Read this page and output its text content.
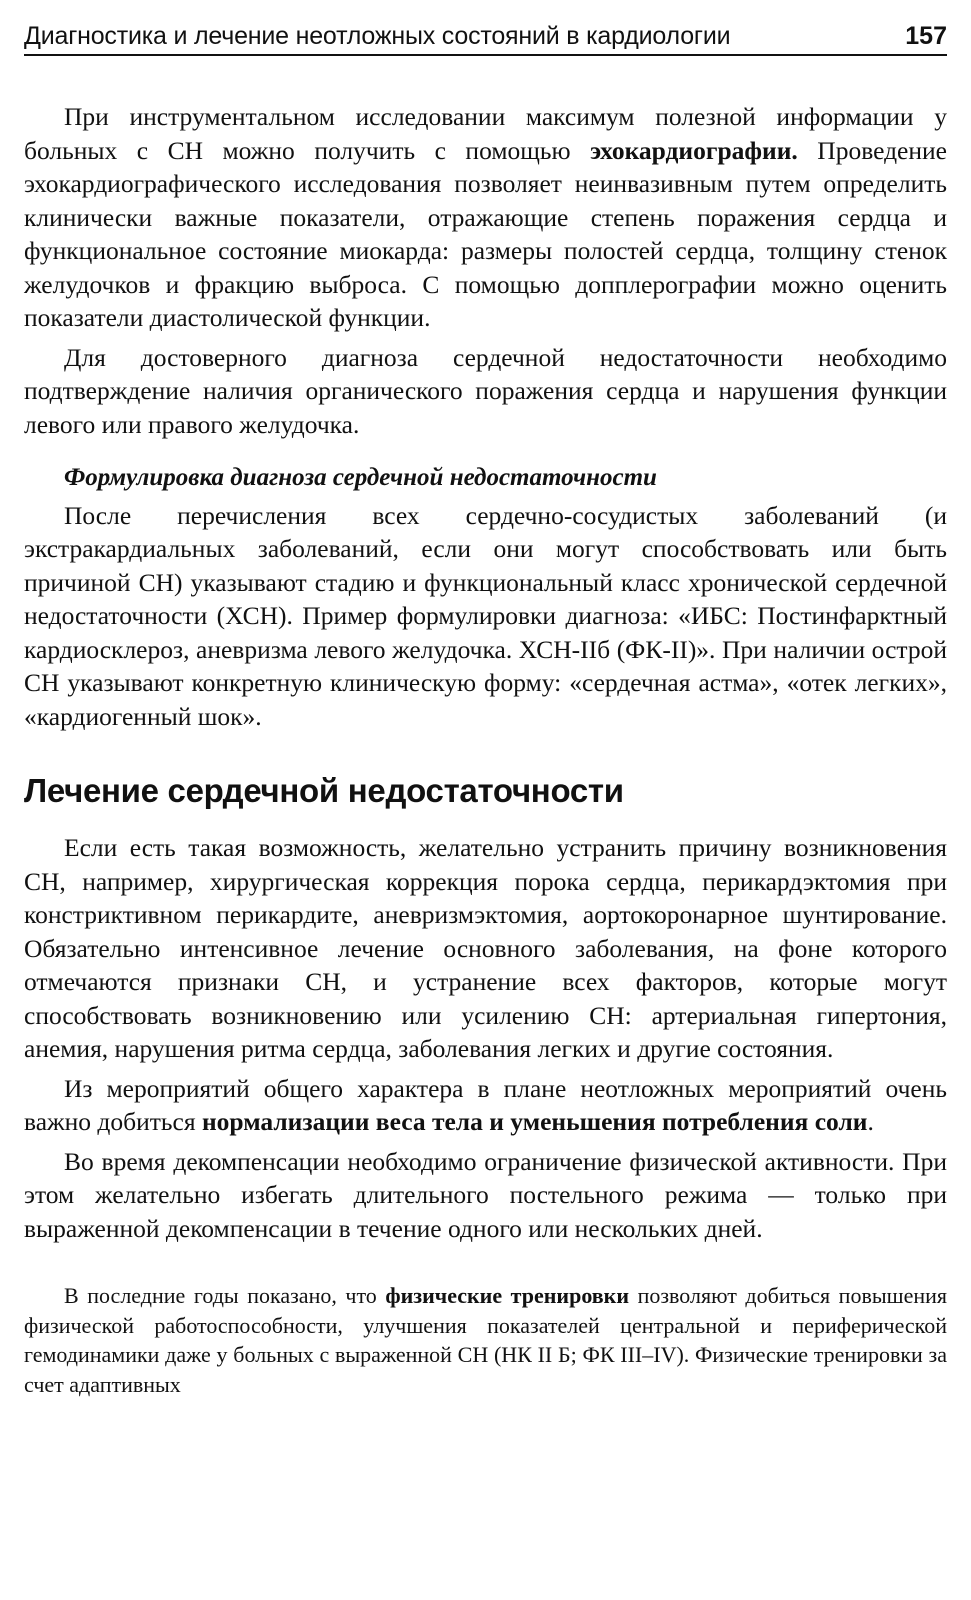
Диагностика и лечение неотложных состояний в кардиологии	157

При инструментальном исследовании максимум полезной информации у больных с СН можно получить с помощью эхокардиографии. Проведение эхокардиографического исследования позволяет неинвазивным путем определить клинически важные показатели, отражающие степень поражения сердца и функциональное состояние миокарда: размеры полостей сердца, толщину стенок желудочков и фракцию выброса. С помощью допплерографии можно оценить показатели диастолической функции.

Для достоверного диагноза сердечной недостаточности необходимо подтверждение наличия органического поражения сердца и нарушения функции левого или правого желудочка.

Формулировка диагноза сердечной недостаточности

После перечисления всех сердечно-сосудистых заболеваний (и экстракардиальных заболеваний, если они могут способствовать или быть причиной СН) указывают стадию и функциональный класс хронической сердечной недостаточности (ХСН). Пример формулировки диагноза: «ИБС: Постинфарктный кардиосклероз, аневризма левого желудочка. ХСН-IIб (ФК-II)». При наличии острой СН указывают конкретную клиническую форму: «сердечная астма», «отек легких», «кардиогенный шок».

Лечение сердечной недостаточности

Если есть такая возможность, желательно устранить причину возникновения СН, например, хирургическая коррекция порока сердца, перикардэктомия при констриктивном перикардите, аневризмэктомия, аортокоронарное шунтирование. Обязательно интенсивное лечение основного заболевания, на фоне которого отмечаются признаки СН, и устранение всех факторов, которые могут способствовать возникновению или усилению СН: артериальная гипертония, анемия, нарушения ритма сердца, заболевания легких и другие состояния.

Из мероприятий общего характера в плане неотложных мероприятий очень важно добиться нормализации веса тела и уменьшения потребления соли.

Во время декомпенсации необходимо ограничение физической активности. При этом желательно избегать длительного постельного режима — только при выраженной декомпенсации в течение одного или нескольких дней.

В последние годы показано, что физические тренировки позволяют добиться повышения физической работоспособности, улучшения показателей центральной и периферической гемодинамики даже у больных с выраженной СН (НК II Б; ФК III–IV). Физические тренировки за счет адаптивных
